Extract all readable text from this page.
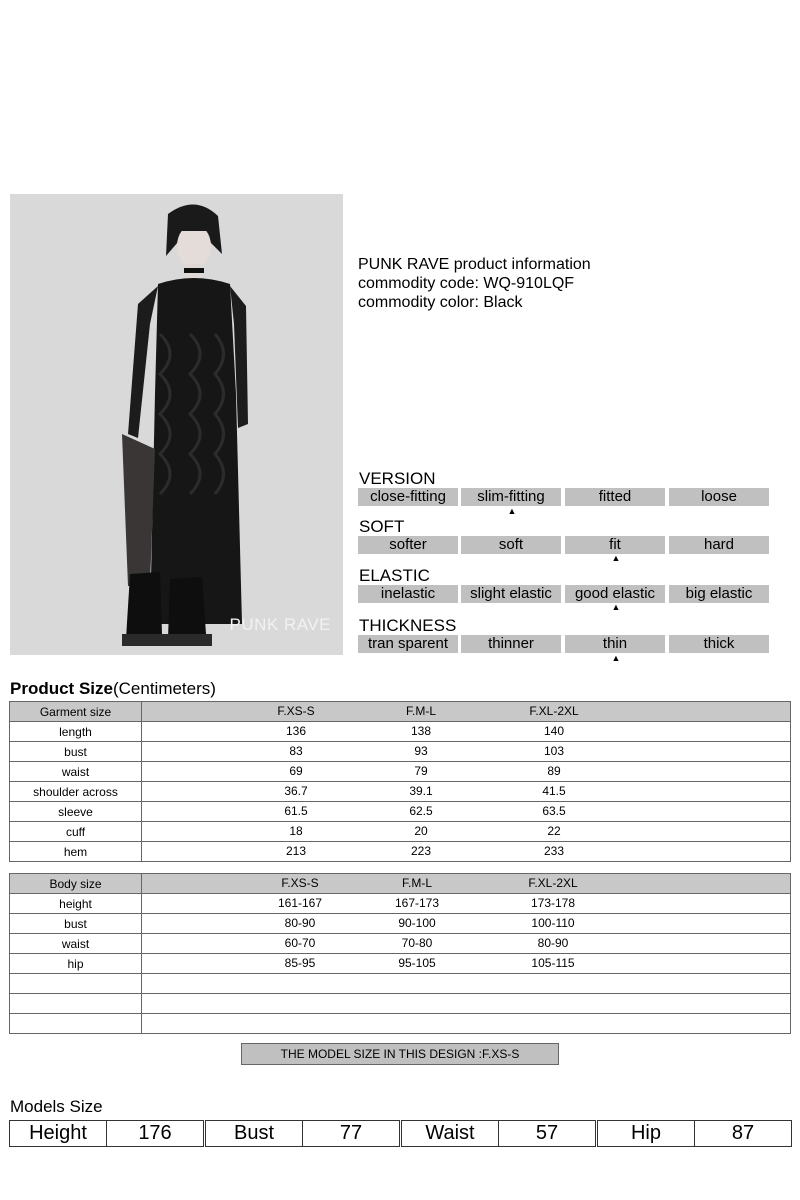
PUNK RAVE
PUNK RAVE product information
commodity code: WQ-910LQF
commodity color: Black
VERSION
close-fitting	slim-fitting	fitted	loose
▲
SOFT
softer	soft	fit	hard
▲
ELASTIC
inelastic	slight elastic	good elastic	big elastic
▲
THICKNESS
tran sparent	thinner	thin	thick
▲
Product Size(Centimeters)
Garment size	F.XS-S F.M-L F.XL-2XL

length	136 138 140

bust	83 93 103

waist	69 79 89

shoulder across	36.7 39.1 41.5

sleeve	61.5 62.5 63.5

cuff	18 20 22

hem	213 223 233
Body size	F.XS-S F.M-L F.XL-2XL

height	161-167 167-173 173-178

bust	80-90 90-100 100-110

waist	60-70 70-80 80-90

hip	85-95 95-105 105-115

THE MODEL SIZE IN THIS DESIGN :F.XS-S
Models Size
Height	176	Bust	77	Waist	57	Hip	87
